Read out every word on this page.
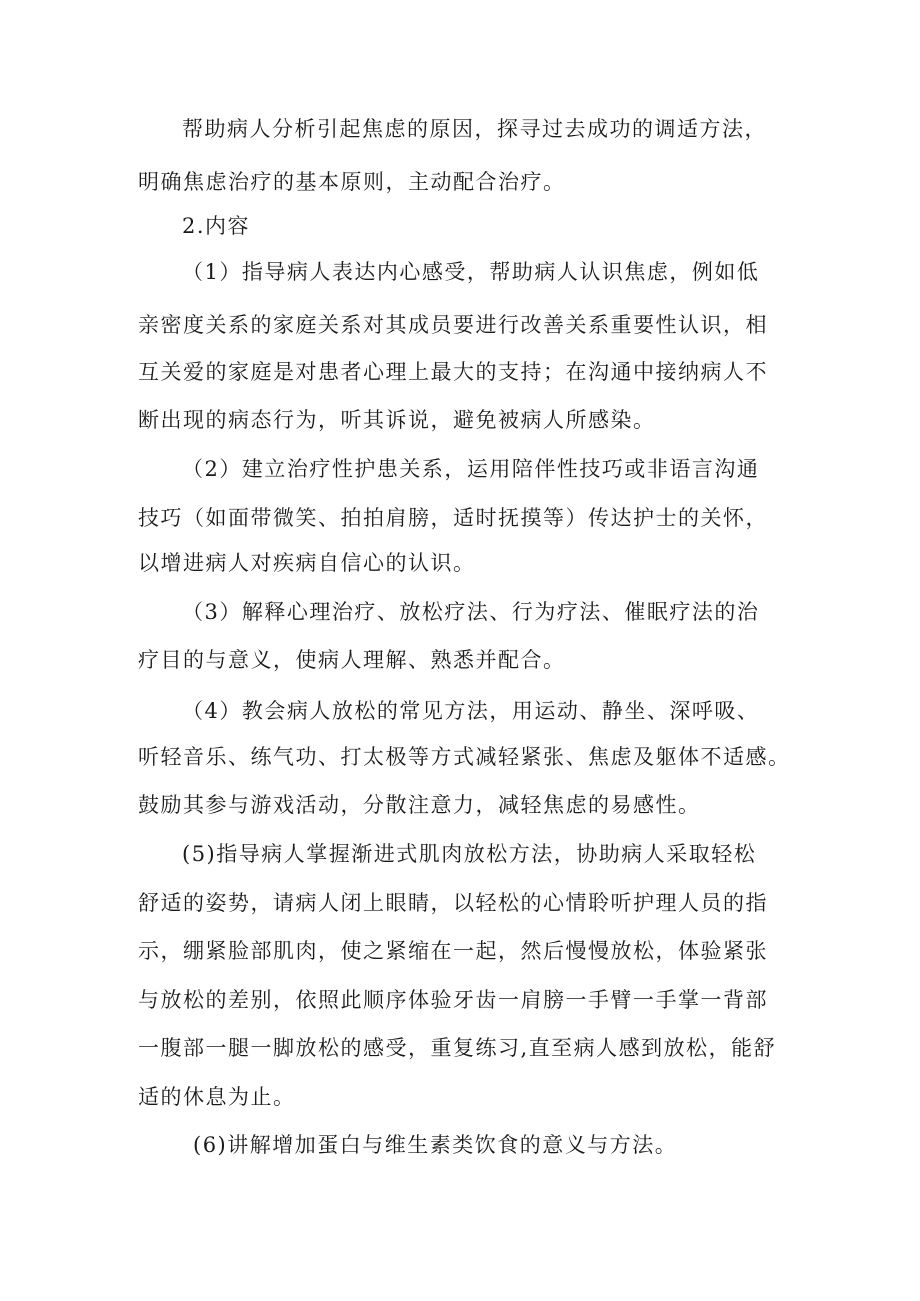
帮助病人分析引起焦虑的原因，探寻过去成功的调适方法，
明确焦虑治疗的基本原则，主动配合治疗。
2.内容
（1）指导病人表达内心感受，帮助病人认识焦虑，例如低
亲密度关系的家庭关系对其成员要进行改善关系重要性认识，相
互关爱的家庭是对患者心理上最大的支持；在沟通中接纳病人不
断出现的病态行为，听其诉说，避免被病人所感染。
（2）建立治疗性护患关系，运用陪伴性技巧或非语言沟通
技巧（如面带微笑、拍拍肩膀，适时抚摸等）传达护士的关怀，
以增进病人对疾病自信心的认识。
（3）解释心理治疗、放松疗法、行为疗法、催眠疗法的治
疗目的与意义，使病人理解、熟悉并配合。
（4）教会病人放松的常见方法，用运动、静坐、深呼吸、
听轻音乐、练气功、打太极等方式减轻紧张、焦虑及躯体不适感。
鼓励其参与游戏活动，分散注意力，减轻焦虑的易感性。
(5)指导病人掌握渐进式肌肉放松方法，协助病人采取轻松
舒适的姿势，请病人闭上眼睛，以轻松的心情聆听护理人员的指
示，绷紧脸部肌肉，使之紧缩在一起，然后慢慢放松，体验紧张
与放松的差别，依照此顺序体验牙齿一肩膀一手臂一手掌一背部
一腹部一腿一脚放松的感受，重复练习,直至病人感到放松，能舒
适的休息为止。
(6)讲解增加蛋白与维生素类饮食的意义与方法。
